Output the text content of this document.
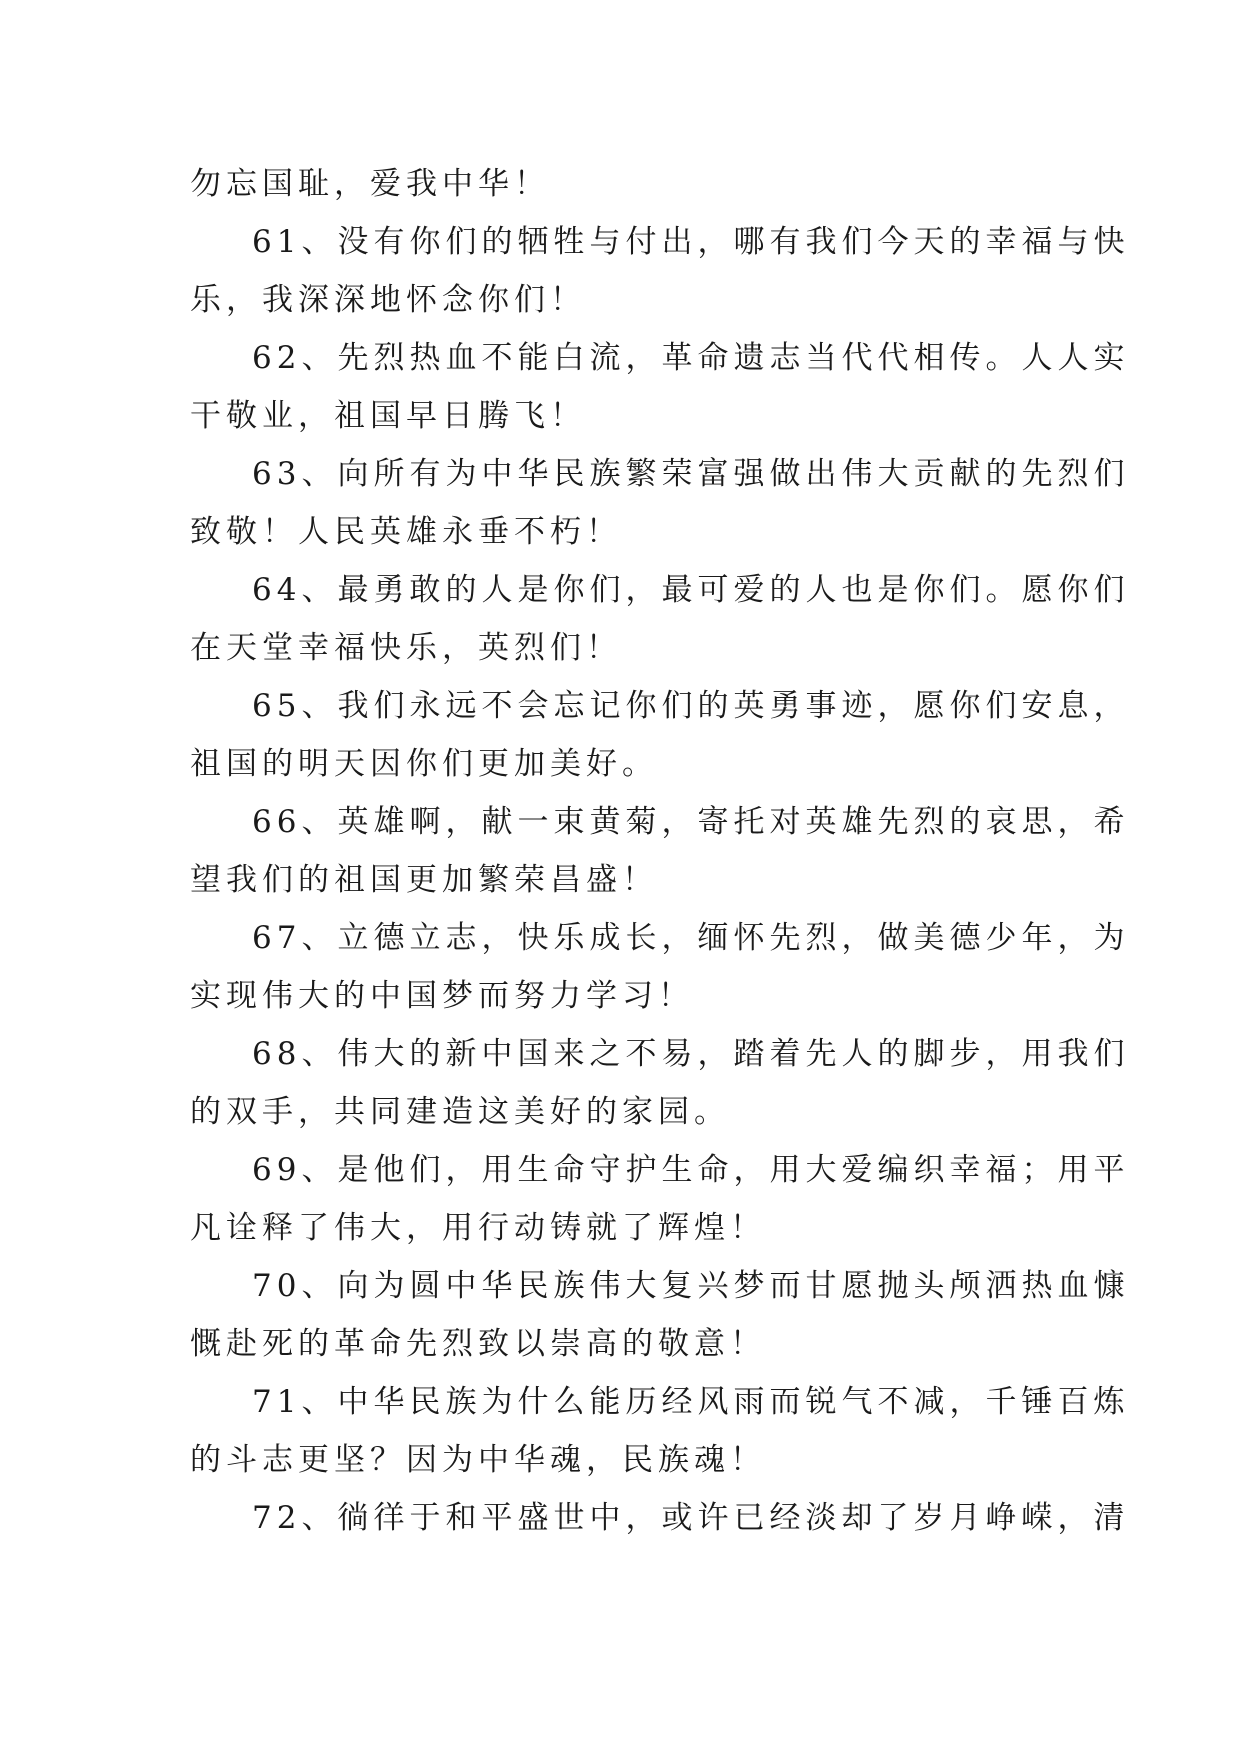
勿忘国耻，爱我中华！
61、没有你们的牺牲与付出，哪有我们今天的幸福与快
乐，我深深地怀念你们！
62、先烈热血不能白流，革命遗志当代代相传。人人实
干敬业，祖国早日腾飞！
63、向所有为中华民族繁荣富强做出伟大贡献的先烈们
致敬！人民英雄永垂不朽！
64、最勇敢的人是你们，最可爱的人也是你们。愿你们
在天堂幸福快乐，英烈们！
65、我们永远不会忘记你们的英勇事迹，愿你们安息，
祖国的明天因你们更加美好。
66、英雄啊，献一束黄菊，寄托对英雄先烈的哀思，希
望我们的祖国更加繁荣昌盛！
67、立德立志，快乐成长，缅怀先烈，做美德少年，为
实现伟大的中国梦而努力学习！
68、伟大的新中国来之不易，踏着先人的脚步，用我们
的双手，共同建造这美好的家园。
69、是他们，用生命守护生命，用大爱编织幸福；用平
凡诠释了伟大，用行动铸就了辉煌！
70、向为圆中华民族伟大复兴梦而甘愿抛头颅洒热血慷
慨赴死的革命先烈致以崇高的敬意！
71、中华民族为什么能历经风雨而锐气不减，千锤百炼
的斗志更坚？因为中华魂，民族魂！
72、徜徉于和平盛世中，或许已经淡却了岁月峥嵘，清
